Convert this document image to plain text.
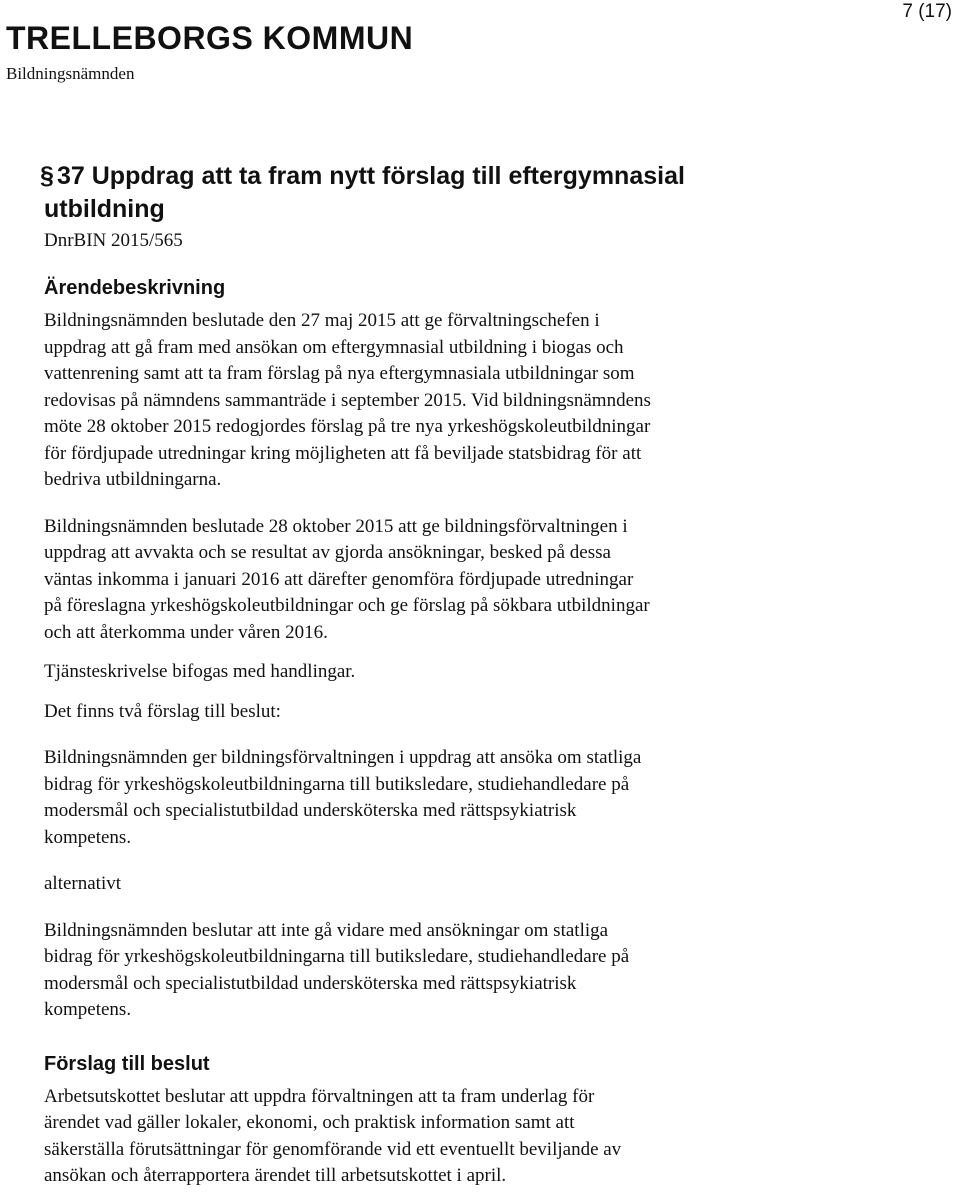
TRELLEBORGS KOMMUN
Bildningsnämnden
7 (17)
§ 37 Uppdrag att ta fram nytt förslag till eftergymnasial
utbildning
DnrBIN 2015/565
Ärendebeskrivning

Bildningsnämnden beslutade den 27 maj 2015 att ge förvaltningschefen i
uppdrag att gå fram med ansökan om eftergymnasial utbildning i biogas och
vattenrening samt att ta fram förslag på nya eftergymnasiala utbildningar som
redovisas på nämndens sammanträde i september 2015. Vid bildningsnämndens
möte 28 oktober 2015 redogjordes förslag på tre nya yrkeshögskoleutbildningar
för fördjupade utredningar kring möjligheten att få beviljade statsbidrag för att
bedriva utbildningarna.

Bildningsnämnden beslutade 28 oktober 2015 att ge bildningsförvaltningen i
uppdrag att avvakta och se resultat av gjorda ansökningar, besked på dessa
väntas inkomma i januari 2016 att därefter genomföra fördjupade utredningar
på föreslagna yrkeshögskoleutbildningar och ge förslag på sökbara utbildningar
och att återkomma under våren 2016.

Tjänsteskrivelse bifogas med handlingar.

Det finns två förslag till beslut:

Bildningsnämnden ger bildningsförvaltningen i uppdrag att ansöka om statliga
bidrag för yrkeshögskoleutbildningarna till butiksledare, studiehandledare på
modersmål och specialistutbildad undersköterska med rättspsykiatrisk
kompetens.

alternativt

Bildningsnämnden beslutar att inte gå vidare med ansökningar om statliga
bidrag för yrkeshögskoleutbildningarna till butiksledare, studiehandledare på
modersmål och specialistutbildad undersköterska med rättspsykiatrisk
kompetens.

Förslag till beslut

Arbetsutskottet beslutar att uppdra förvaltningen att ta fram underlag för
ärendet vad gäller lokaler, ekonomi, och praktisk information samt att
säkerställa förutsättningar för genomförande vid ett eventuellt beviljande av
ansökan och återrapportera ärendet till arbetsutskottet i april.
